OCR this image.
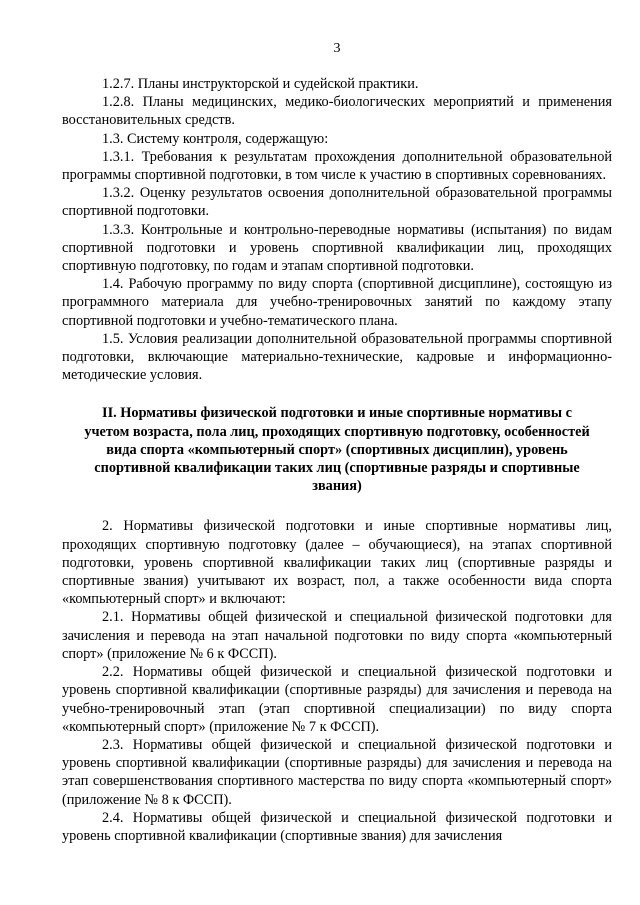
3

1.2.7. Планы инструкторской и судейской практики.

1.2.8. Планы медицинских, медико-биологических мероприятий и применения восстановительных средств.

1.3. Систему контроля, содержащую:

1.3.1. Требования к результатам прохождения дополнительной образовательной программы спортивной подготовки, в том числе к участию в спортивных соревнованиях.

1.3.2. Оценку результатов освоения дополнительной образовательной программы спортивной подготовки.

1.3.3. Контрольные и контрольно-переводные нормативы (испытания) по видам спортивной подготовки и уровень спортивной квалификации лиц, проходящих спортивную подготовку, по годам и этапам спортивной подготовки.

1.4. Рабочую программу по виду спорта (спортивной дисциплине), состоящую из программного материала для учебно-тренировочных занятий по каждому этапу спортивной подготовки и учебно-тематического плана.

1.5. Условия реализации дополнительной образовательной программы спортивной подготовки, включающие материально-технические, кадровые и информационно-методические условия.

II. Нормативы физической подготовки и иные спортивные нормативы с учетом возраста, пола лиц, проходящих спортивную подготовку, особенностей вида спорта «компьютерный спорт» (спортивных дисциплин), уровень спортивной квалификации таких лиц (спортивные разряды и спортивные звания)

2. Нормативы физической подготовки и иные спортивные нормативы лиц, проходящих спортивную подготовку (далее – обучающиеся), на этапах спортивной подготовки, уровень спортивной квалификации таких лиц (спортивные разряды и спортивные звания) учитывают их возраст, пол, а также особенности вида спорта «компьютерный спорт» и включают:

2.1. Нормативы общей физической и специальной физической подготовки для зачисления и перевода на этап начальной подготовки по виду спорта «компьютерный спорт» (приложение № 6 к ФССП).

2.2. Нормативы общей физической и специальной физической подготовки и уровень спортивной квалификации (спортивные разряды) для зачисления и перевода на учебно-тренировочный этап (этап спортивной специализации) по виду спорта «компьютерный спорт» (приложение № 7 к ФССП).

2.3. Нормативы общей физической и специальной физической подготовки и уровень спортивной квалификации (спортивные разряды) для зачисления и перевода на этап совершенствования спортивного мастерства по виду спорта «компьютерный спорт» (приложение № 8 к ФССП).

2.4. Нормативы общей физической и специальной физической подготовки и уровень спортивной квалификации (спортивные звания) для зачисления
